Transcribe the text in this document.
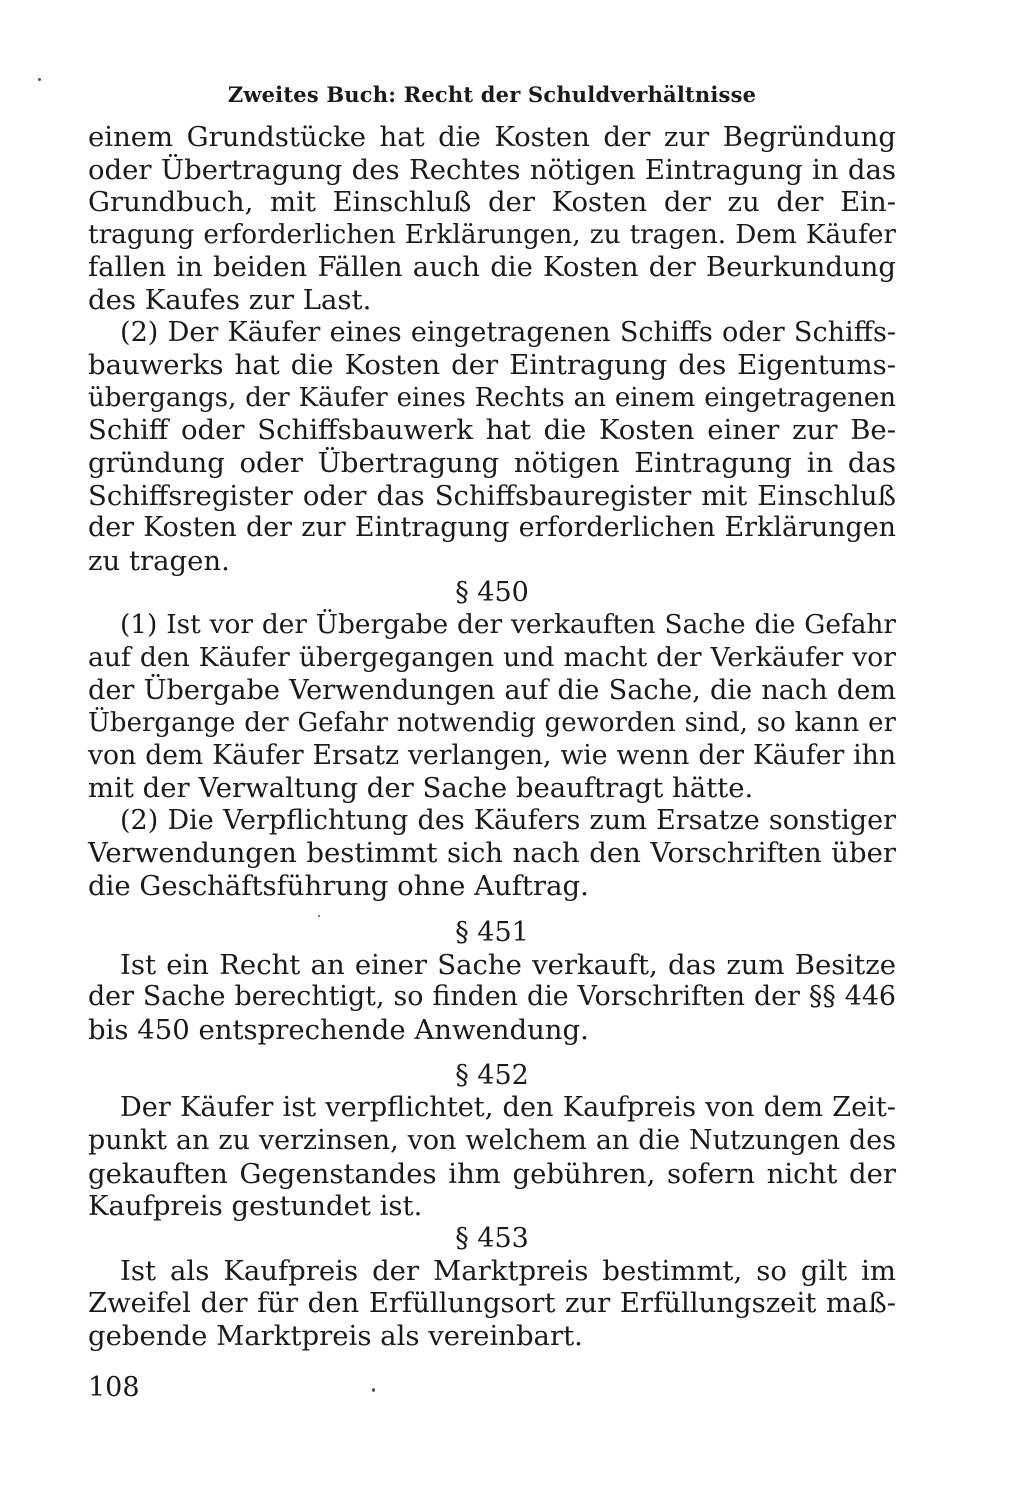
Zweites Buch: Recht der Schuldverhältnisse
einem Grundstücke hat die Kosten der zur Begründung
oder Übertragung des Rechtes nötigen Eintragung in das
Grundbuch, mit Einschluß der Kosten der zu der Ein-
tragung erforderlichen Erklärungen, zu tragen. Dem Käufer
fallen in beiden Fällen auch die Kosten der Beurkundung
des Kaufes zur Last.
(2) Der Käufer eines eingetragenen Schiffs oder Schiffs-
bauwerks hat die Kosten der Eintragung des Eigentums-
übergangs, der Käufer eines Rechts an einem eingetragenen
Schiff oder Schiffsbauwerk hat die Kosten einer zur Be-
gründung oder Übertragung nötigen Eintragung in das
Schiffsregister oder das Schiffsbauregister mit Einschluß
der Kosten der zur Eintragung erforderlichen Erklärungen
zu tragen.
§ 450
(1) Ist vor der Übergabe der verkauften Sache die Gefahr
auf den Käufer übergegangen und macht der Verkäufer vor
der Übergabe Verwendungen auf die Sache, die nach dem
Übergange der Gefahr notwendig geworden sind, so kann er
von dem Käufer Ersatz verlangen, wie wenn der Käufer ihn
mit der Verwaltung der Sache beauftragt hätte.
(2) Die Verpflichtung des Käufers zum Ersatze sonstiger
Verwendungen bestimmt sich nach den Vorschriften über
die Geschäftsführung ohne Auftrag.
§ 451
Ist ein Recht an einer Sache verkauft, das zum Besitze
der Sache berechtigt, so finden die Vorschriften der §§ 446
bis 450 entsprechende Anwendung.
§ 452
Der Käufer ist verpflichtet, den Kaufpreis von dem Zeit-
punkt an zu verzinsen, von welchem an die Nutzungen des
gekauften Gegenstandes ihm gebühren, sofern nicht der
Kaufpreis gestundet ist.
§ 453
Ist als Kaufpreis der Marktpreis bestimmt, so gilt im
Zweifel der für den Erfüllungsort zur Erfüllungszeit maß-
gebende Marktpreis als vereinbart.
108
